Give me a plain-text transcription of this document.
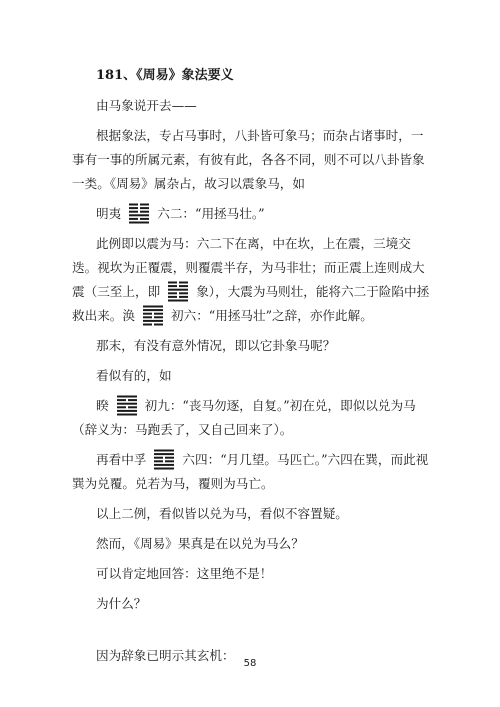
181、《周易》象法要义
由马象说开去——
根据象法，专占马事时，八卦皆可象马；而杂占诸事时，一事有一事的所属元素，有彼有此，各各不同，则不可以八卦皆象一类。《周易》属杂占，故习以震象马，如
明夷	六二：“用拯马壮。”
此例即以震为马：六二下在离，中在坎，上在震，三境交迭。视坎为正覆震，则覆震半存，为马非壮；而正震上连则成大震（三至上，即	象），大震为马则壮，能将六二于险陷中拯救出来。涣	初六：“用拯马壮”之辞，亦作此解。
那末，有没有意外情况，即以它卦象马呢？
看似有的，如
睽	初九：“丧马勿逐，自复。”初在兑，即似以兑为马（辞义为：马跑丢了，又自己回来了）。
再看中孚	六四：“月几望。马匹亡。”六四在巽，而此视巽为兑覆。兑若为马，覆则为马亡。
以上二例，看似皆以兑为马，看似不容置疑。
然而，《周易》果真是在以兑为马么？
可以肯定地回答：这里绝不是！
为什么？
因为辞象已明示其玄机：
58
